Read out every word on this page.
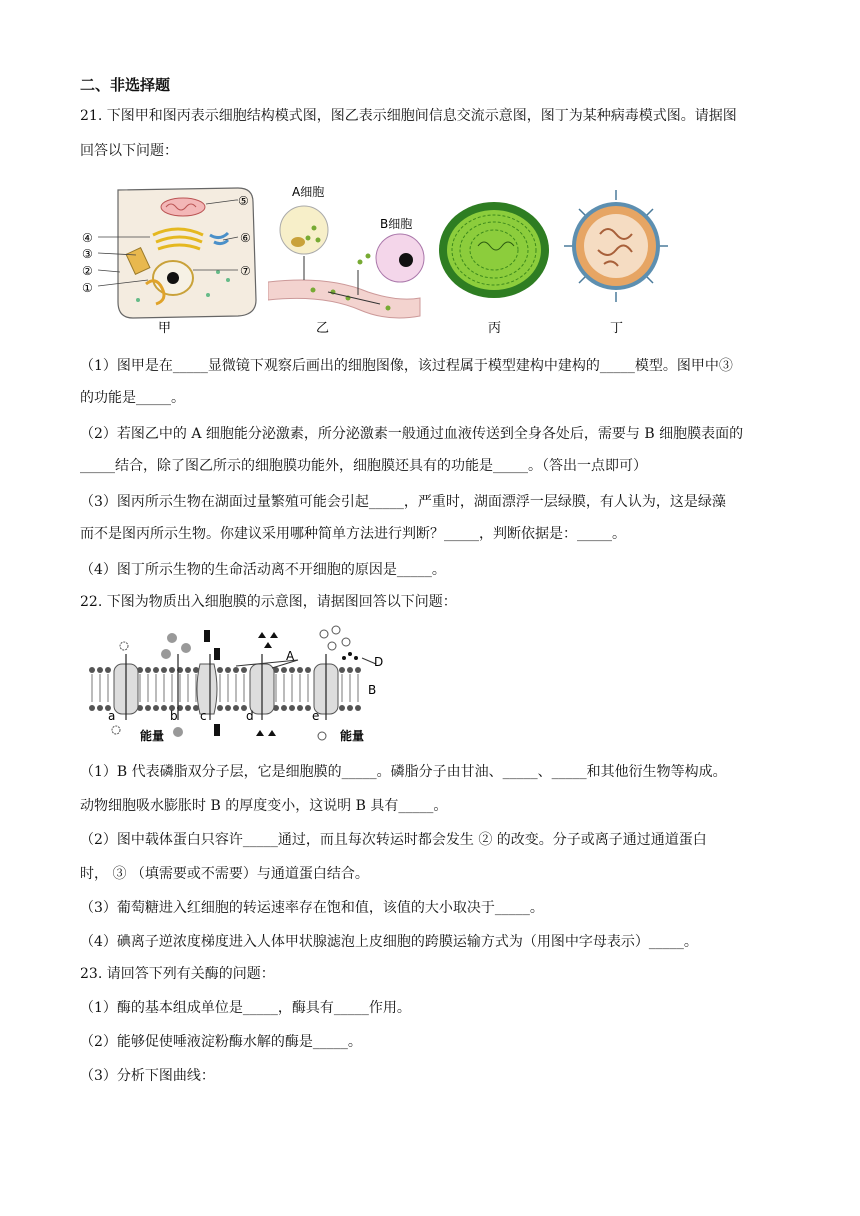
二、非选择题
21. 下图甲和图丙表示细胞结构模式图，图乙表示细胞间信息交流示意图，图丁为某种病毒模式图。请据图
回答以下问题：
⑤
④	⑥
③
②	⑦
①
甲
A细胞
B细胞
乙	丙	丁
（1）图甲是在_____显微镜下观察后画出的细胞图像，该过程属于模型建构中建构的_____模型。图甲中③
的功能是_____。
（2）若图乙中的 A 细胞能分泌激素，所分泌激素一般通过血液传送到全身各处后，需要与 B 细胞膜表面的
_____结合，除了图乙所示的细胞膜功能外，细胞膜还具有的功能是_____。（答出一点即可）
（3）图丙所示生物在湖面过量繁殖可能会引起_____，严重时，湖面漂浮一层绿膜，有人认为，这是绿藻
而不是图丙所示生物。你建议采用哪种简单方法进行判断？_____，判断依据是：_____。
（4）图丁所示生物的生命活动离不开细胞的原因是_____。
22. 下图为物质出入细胞膜的示意图，请据图回答以下问题：
A
B
D
a	b c	d	e
能量	能量
（1）B 代表磷脂双分子层，它是细胞膜的_____。磷脂分子由甘油、_____、_____和其他衍生物等构成。
动物细胞吸水膨胀时 B 的厚度变小，这说明 B 具有_____。
（2）图中载体蛋白只容许_____通过，而且每次转运时都会发生 ② 的改变。分子或离子通过通道蛋白
时， ③ （填需要或不需要）与通道蛋白结合。
（3）葡萄糖进入红细胞的转运速率存在饱和值，该值的大小取决于_____。
（4）碘离子逆浓度梯度进入人体甲状腺滤泡上皮细胞的跨膜运输方式为（用图中字母表示）_____。
23. 请回答下列有关酶的问题：
（1）酶的基本组成单位是_____，酶具有_____作用。
（2）能够促使唾液淀粉酶水解的酶是_____。
（3）分析下图曲线：
